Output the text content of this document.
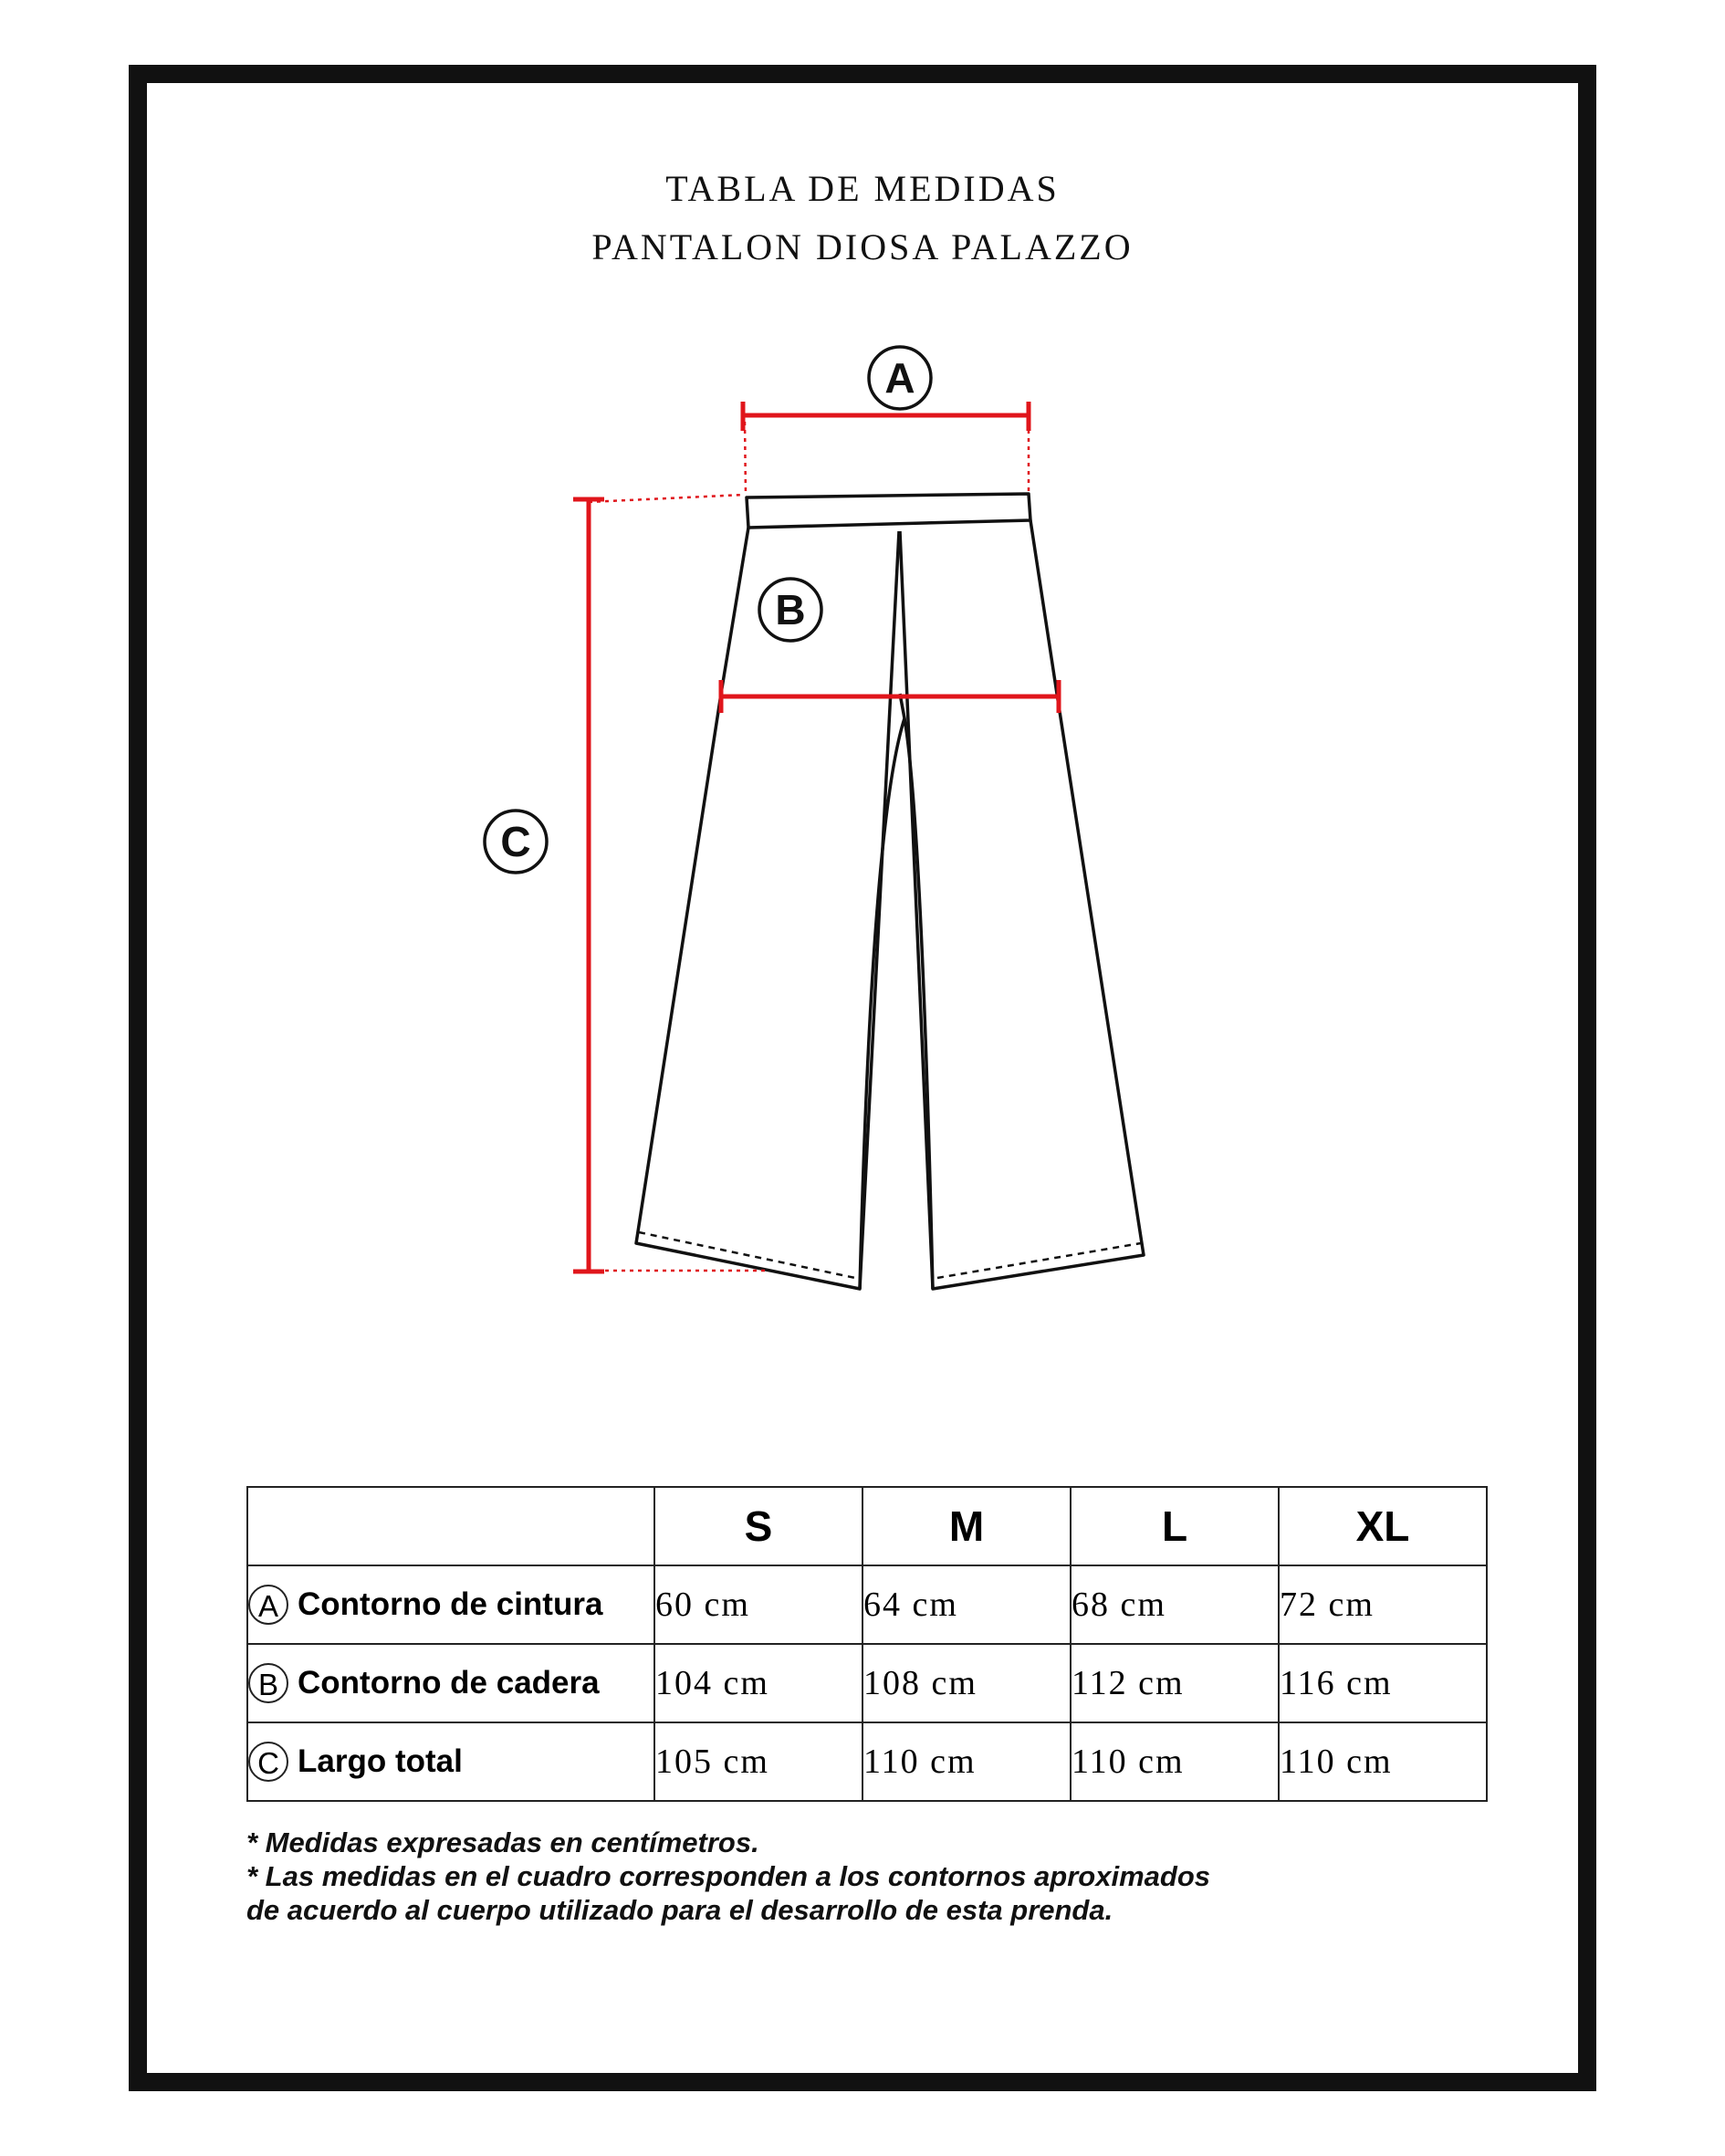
TABLA DE MEDIDAS
PANTALON DIOSA PALAZZO
A
B
C
	S	M	L	XL
A Contorno de cintura	60 cm	64 cm	68 cm	72 cm
B Contorno de cadera	104 cm	108 cm	112 cm	116 cm
C Largo total	105 cm	110 cm	110 cm	110 cm
* Medidas expresadas en centímetros.
* Las medidas en el cuadro corresponden a los contornos aproximados
de acuerdo al cuerpo utilizado para el desarrollo de esta prenda.
